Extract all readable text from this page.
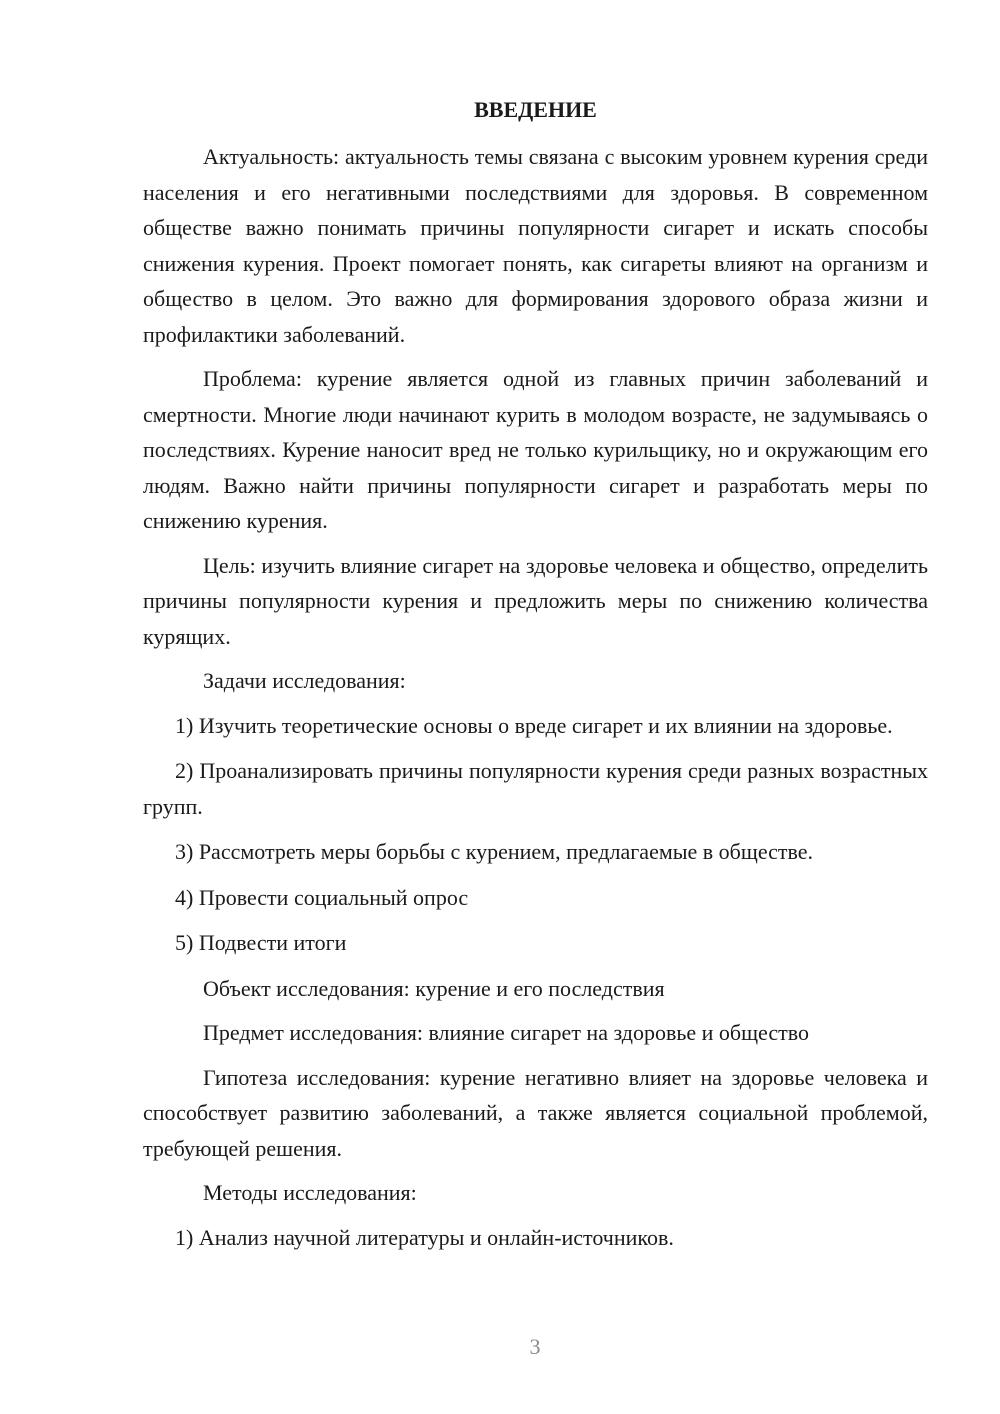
ВВЕДЕНИЕ

Актуальность: актуальность темы связана с высоким уровнем курения среди населения и его негативными последствиями для здоровья. В современном обществе важно понимать причины популярности сигарет и искать способы снижения курения. Проект помогает понять, как сигареты влияют на организм и общество в целом. Это важно для формирования здорового образа жизни и профилактики заболеваний.

Проблема: курение является одной из главных причин заболеваний и смертности. Многие люди начинают курить в молодом возрасте, не задумываясь о последствиях. Курение наносит вред не только курильщику, но и окружающим его людям. Важно найти причины популярности сигарет и разработать меры по снижению курения.

Цель: изучить влияние сигарет на здоровье человека и общество, определить причины популярности курения и предложить меры по снижению количества курящих.

Задачи исследования:

1) Изучить теоретические основы о вреде сигарет и их влиянии на здоровье.

2) Проанализировать причины популярности курения среди разных возрастных групп.

3) Рассмотреть меры борьбы с курением, предлагаемые в обществе.

4) Провести социальный опрос

5) Подвести итоги

Объект исследования: курение и его последствия

Предмет исследования: влияние сигарет на здоровье и общество

Гипотеза исследования: курение негативно влияет на здоровье человека и способствует развитию заболеваний, а также является социальной проблемой, требующей решения.

Методы исследования:

1) Анализ научной литературы и онлайн-источников.

3
